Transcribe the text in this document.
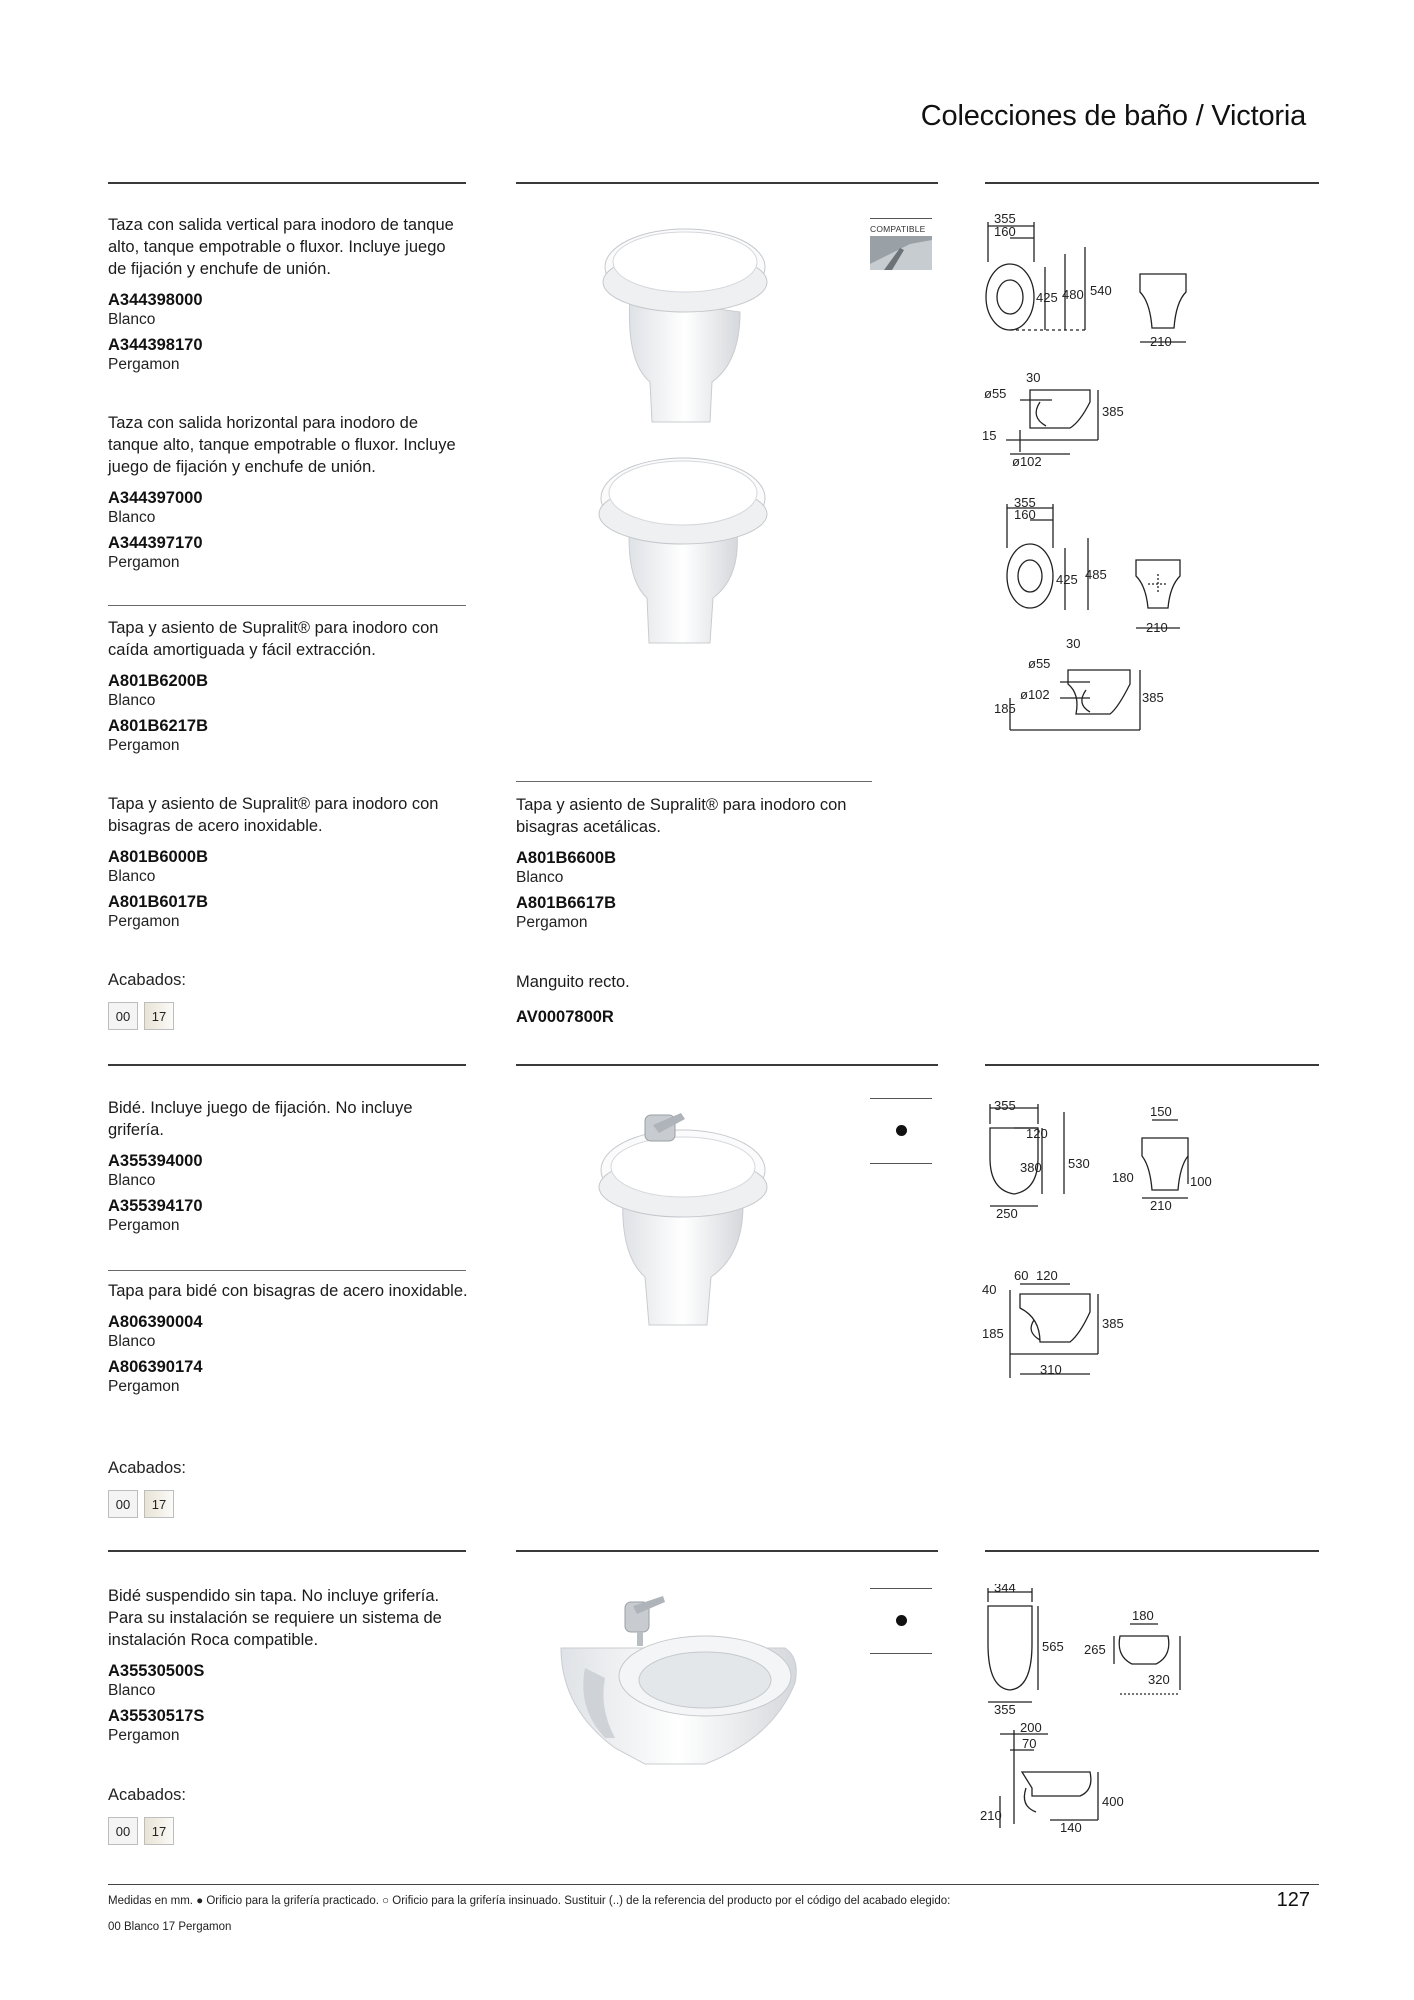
Colecciones de baño / Victoria
Taza con salida vertical para inodoro de tanque alto, tanque empotrable o fluxor. Incluye juego de fijación y enchufe de unión.
A344398000
Blanco
A344398170
Pergamon
Taza con salida horizontal para inodoro de tanque alto, tanque empotrable o fluxor. Incluye juego de fijación y enchufe de unión.
A344397000
Blanco
A344397170
Pergamon
Tapa y asiento de Supralit® para inodoro con caída amortiguada y fácil extracción.
A801B6200B
Blanco
A801B6217B
Pergamon
Tapa y asiento de Supralit® para inodoro con bisagras de acero inoxidable.
A801B6000B
Blanco
A801B6017B
Pergamon
Acabados:
00	17
COMPATIBLE
Tapa y asiento de Supralit® para inodoro con bisagras acetálicas.
A801B6600B
Blanco
A801B6617B
Pergamon
Manguito recto.
AV0007800R
355
160
425 480 540
210
30
ø55
385
15
ø102
355
160
425 485
210
30
ø55
ø102
185
385
Bidé. Incluye juego de fijación. No incluye grifería.
A355394000
Blanco
A355394170
Pergamon
Tapa para bidé con bisagras de acero inoxidable.
A806390004
Blanco
A806390174
Pergamon
Acabados:
00	17
355
120
380 530
250
150
180	100
210
60 120
40
385
185
310
Bidé suspendido sin tapa. No incluye grifería. Para su instalación se requiere un sistema de instalación Roca compatible.
A35530500S
Blanco
A35530517S
Pergamon
Acabados:
00	17
344
565
355
180
265
320
200
70
210
400
140
Medidas en mm. ● Orificio para la grifería practicado. ○ Orificio para la grifería insinuado. Sustituir (..) de la referencia del producto por el código del acabado elegido:
00 Blanco 17 Pergamon
127
